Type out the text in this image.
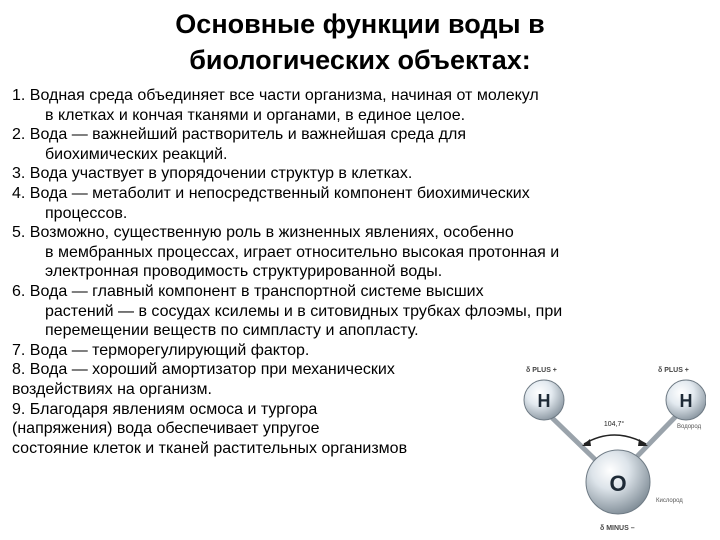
Основные функции воды в
биологических объектах:
1. Водная среда объединяет все части организма, начиная от молекул
в клетках и кончая тканями и органами, в единое целое.
2. Вода — важнейший растворитель и важнейшая среда для
биохимических реакций.
3. Вода участвует в упорядочении структур в клетках.
4. Вода — метаболит и непосредственный компонент биохимических
процессов.
5. Возможно, существенную роль в жизненных явлениях, особенно
в мембранных процессах, играет относительно высокая протонная и
электронная проводимость структурированной воды.
6. Вода — главный компонент в транспортной системе высших
растений — в сосудах ксилемы и в ситовидных трубках флоэмы, при
перемещении веществ по симпласту и апопласту.
7. Вода — терморегулирующий фактор.
8. Вода — хороший амортизатор при механических
воздействиях на организм.
9. Благодаря явлениям осмоса и тургора
(напряжения) вода обеспечивает упругое
состояние клеток и тканей растительных организмов
104,7°
δ PLUS +	δ PLUS +
H	H
Водород
O
Кислород
δ MINUS –
